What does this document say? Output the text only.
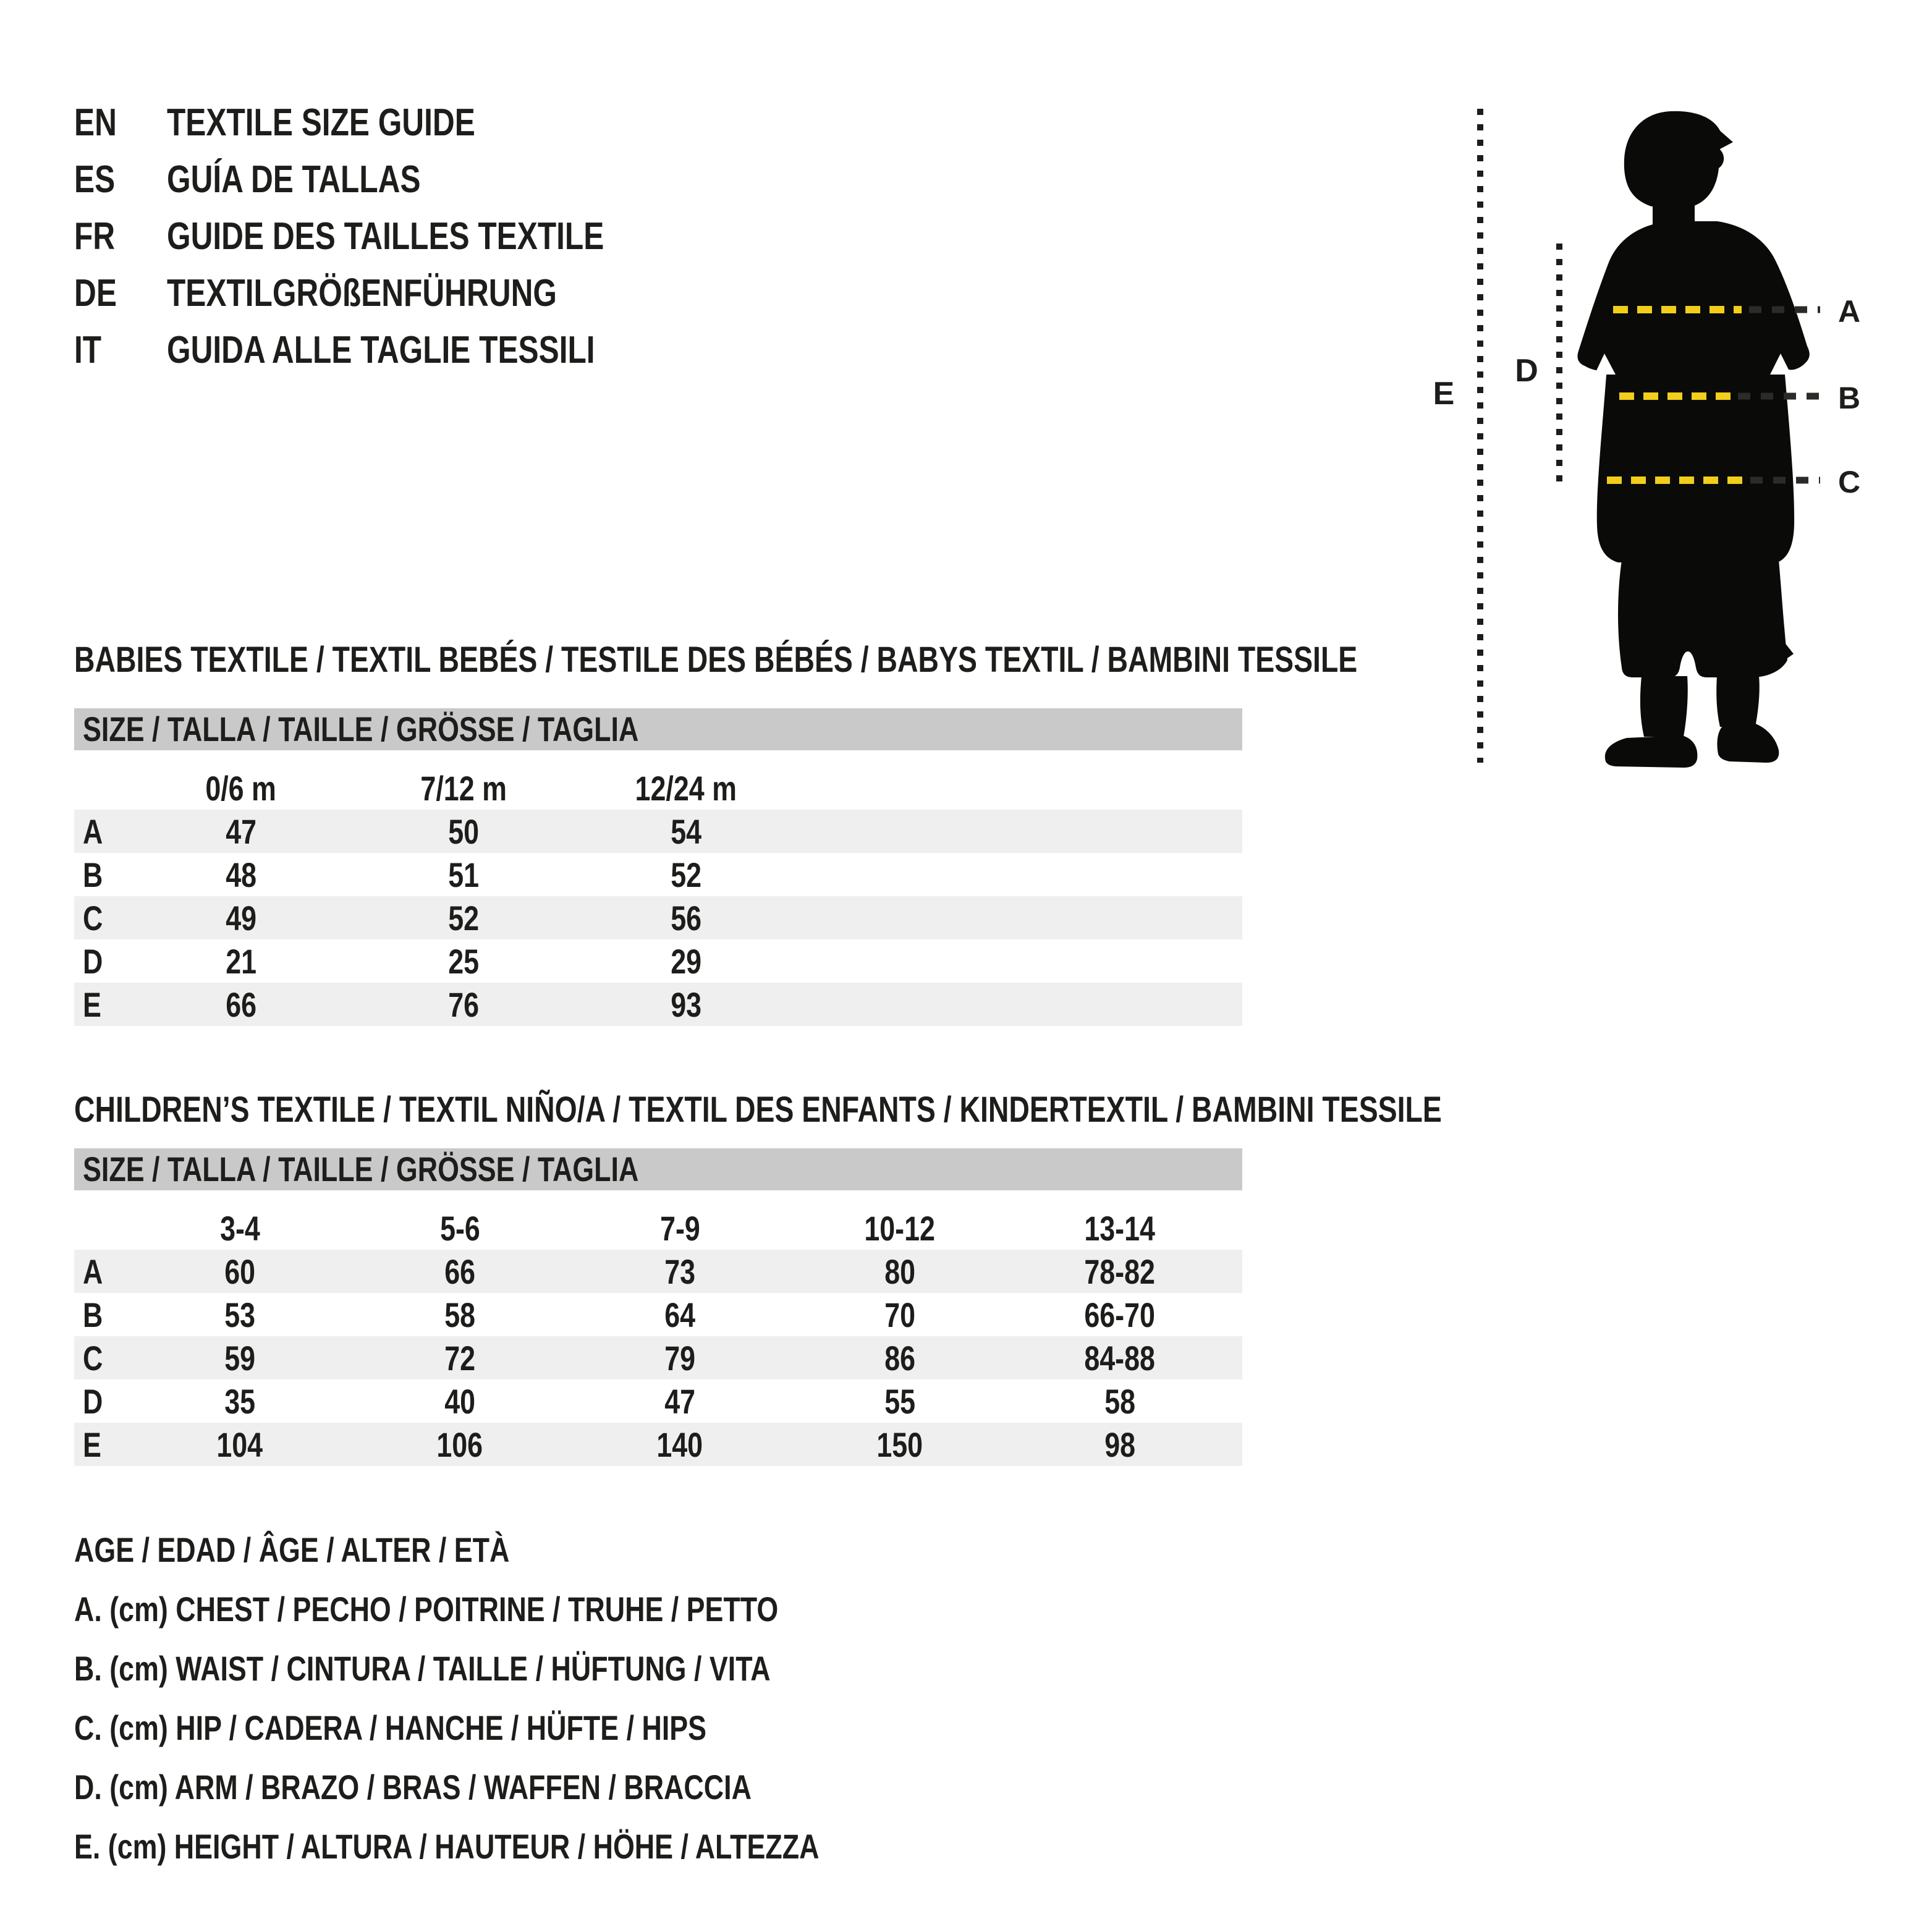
EN	TEXTILE SIZE GUIDE
ES	GUÍA DE TALLAS
FR	GUIDE DES TAILLES TEXTILE
DE	TEXTILGRÖßENFÜHRUNG
IT	GUIDA ALLE TAGLIE TESSILI
E
D
A
B
C
BABIES TEXTILE / TEXTIL BEBÉS / TESTILE DES BÉBÉS / BABYS TEXTIL / BAMBINI TESSILE
SIZE / TALLA / TAILLE / GRÖSSE / TAGLIA
	0/6 m	7/12 m	12/24 m	
A	47	50	54	
B	48	51	52	
C	49	52	56	
D	21	25	29	
E	66	76	93	
CHILDREN’S TEXTILE / TEXTIL NIÑO/A / TEXTIL DES ENFANTS / KINDERTEXTIL / BAMBINI TESSILE
SIZE / TALLA / TAILLE / GRÖSSE / TAGLIA
	3-4	5-6	7-9	10-12	13-14	
A	60	66	73	80	78-82	
B	53	58	64	70	66-70	
C	59	72	79	86	84-88	
D	35	40	47	55	58	
E	104	106	140	150	98	
AGE / EDAD / ÂGE / ALTER / ETÀ
A. (cm) CHEST / PECHO / POITRINE / TRUHE / PETTO
B. (cm) WAIST / CINTURA / TAILLE / HÜFTUNG / VITA
C. (cm) HIP / CADERA / HANCHE / HÜFTE / HIPS
D. (cm) ARM / BRAZO / BRAS / WAFFEN / BRACCIA
E. (cm) HEIGHT / ALTURA / HAUTEUR / HÖHE / ALTEZZA
